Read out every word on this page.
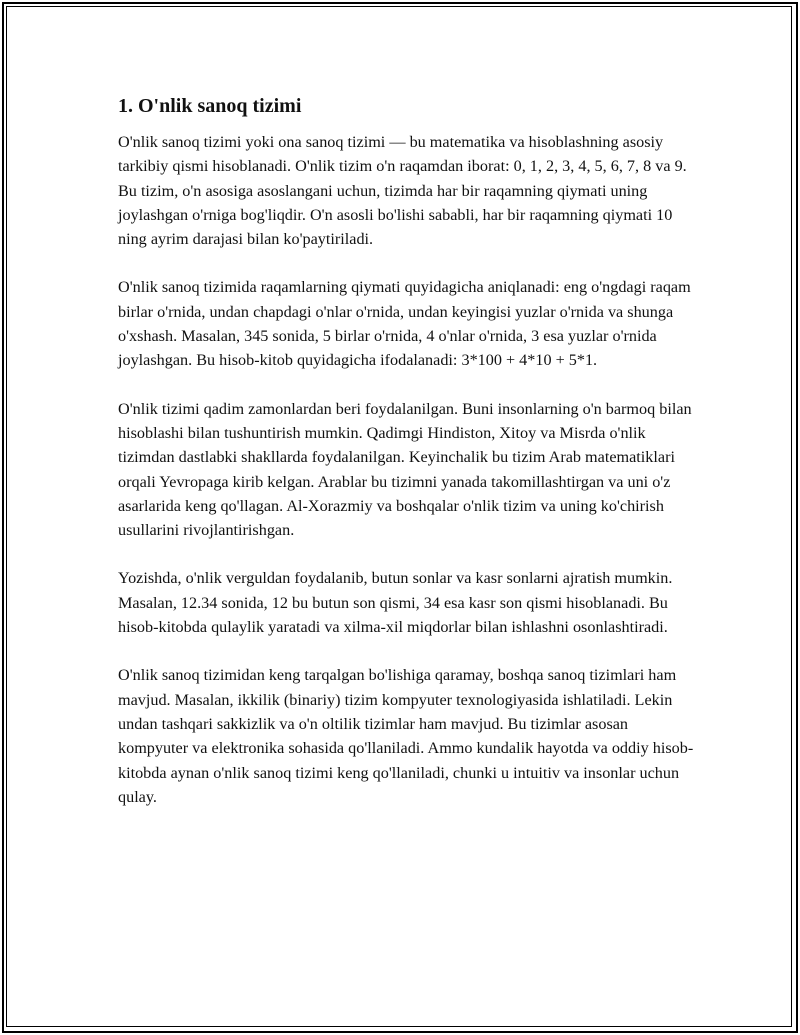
1. O'nlik sanoq tizimi

O'nlik sanoq tizimi yoki ona sanoq tizimi — bu matematika va hisoblashning asosiy tarkibiy qismi hisoblanadi. O'nlik tizim o'n raqamdan iborat: 0, 1, 2, 3, 4, 5, 6, 7, 8 va 9. Bu tizim, o'n asosiga asoslangani uchun, tizimda har bir raqamning qiymati uning joylashgan o'rniga bog'liqdir. O'n asosli bo'lishi sababli, har bir raqamning qiymati 10 ning ayrim darajasi bilan ko'paytiriladi.

O'nlik sanoq tizimida raqamlarning qiymati quyidagicha aniqlanadi: eng o'ngdagi raqam birlar o'rnida, undan chapdagi o'nlar o'rnida, undan keyingisi yuzlar o'rnida va shunga o'xshash. Masalan, 345 sonida, 5 birlar o'rnida, 4 o'nlar o'rnida, 3 esa yuzlar o'rnida joylashgan. Bu hisob-kitob quyidagicha ifodalanadi: 3*100 + 4*10 + 5*1.

O'nlik tizimi qadim zamonlardan beri foydalanilgan. Buni insonlarning o'n barmoq bilan hisoblashi bilan tushuntirish mumkin. Qadimgi Hindiston, Xitoy va Misrda o'nlik tizimdan dastlabki shakllarda foydalanilgan. Keyinchalik bu tizim Arab matematiklari orqali Yevropaga kirib kelgan. Arablar bu tizimni yanada takomillashtirgan va uni o'z asarlarida keng qo'llagan. Al-Xorazmiy va boshqalar o'nlik tizim va uning ko'chirish usullarini rivojlantirishgan.

Yozishda, o'nlik verguldan foydalanib, butun sonlar va kasr sonlarni ajratish mumkin. Masalan, 12.34 sonida, 12 bu butun son qismi, 34 esa kasr son qismi hisoblanadi. Bu hisob-kitobda qulaylik yaratadi va xilma-xil miqdorlar bilan ishlashni osonlashtiradi.

O'nlik sanoq tizimidan keng tarqalgan bo'lishiga qaramay, boshqa sanoq tizimlari ham mavjud. Masalan, ikkilik (binariy) tizim kompyuter texnologiyasida ishlatiladi. Lekin undan tashqari sakkizlik va o'n oltilik tizimlar ham mavjud. Bu tizimlar asosan kompyuter va elektronika sohasida qo'llaniladi. Ammo kundalik hayotda va oddiy hisob-kitobda aynan o'nlik sanoq tizimi keng qo'llaniladi, chunki u intuitiv va insonlar uchun qulay.
